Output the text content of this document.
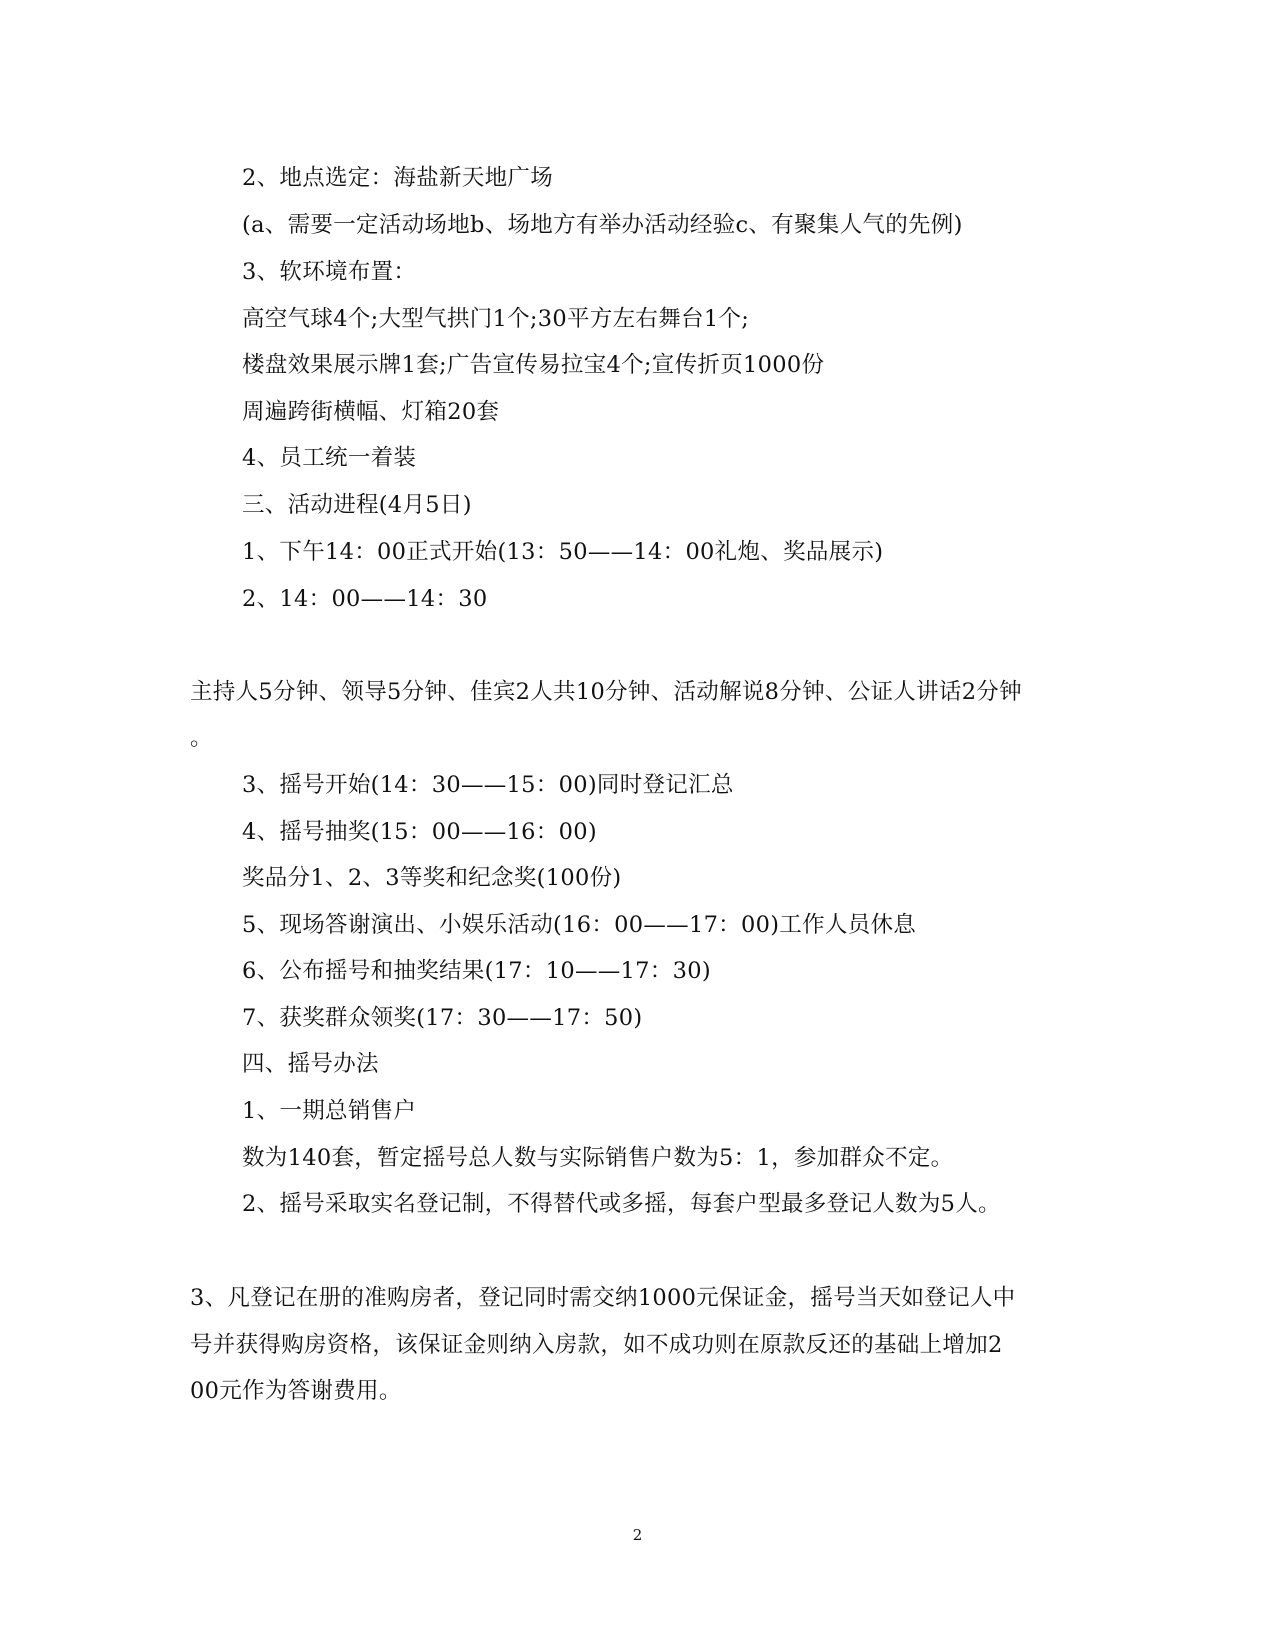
2、地点选定：海盐新天地广场
(a、需要一定活动场地b、场地方有举办活动经验c、有聚集人气的先例)
3、软环境布置：
高空气球4个;大型气拱门1个;30平方左右舞台1个;
楼盘效果展示牌1套;广告宣传易拉宝4个;宣传折页1000份
周遍跨街横幅、灯箱20套
4、员工统一着装
三、活动进程(4月5日)
1、下午14：00正式开始(13：50——14：00礼炮、奖品展示)
2、14：00——14：30
主持人5分钟、领导5分钟、佳宾2人共10分钟、活动解说8分钟、公证人讲话2分钟
。
3、摇号开始(14：30——15：00)同时登记汇总
4、摇号抽奖(15：00——16：00)
奖品分1、2、3等奖和纪念奖(100份)
5、现场答谢演出、小娱乐活动(16：00——17：00)工作人员休息
6、公布摇号和抽奖结果(17：10——17：30)
7、获奖群众领奖(17：30——17：50)
四、摇号办法
1、一期总销售户
数为140套，暂定摇号总人数与实际销售户数为5：1，参加群众不定。
2、摇号采取实名登记制，不得替代或多摇，每套户型最多登记人数为5人。
3、凡登记在册的准购房者，登记同时需交纳1000元保证金，摇号当天如登记人中
号并获得购房资格，该保证金则纳入房款，如不成功则在原款反还的基础上增加2
00元作为答谢费用。
2
